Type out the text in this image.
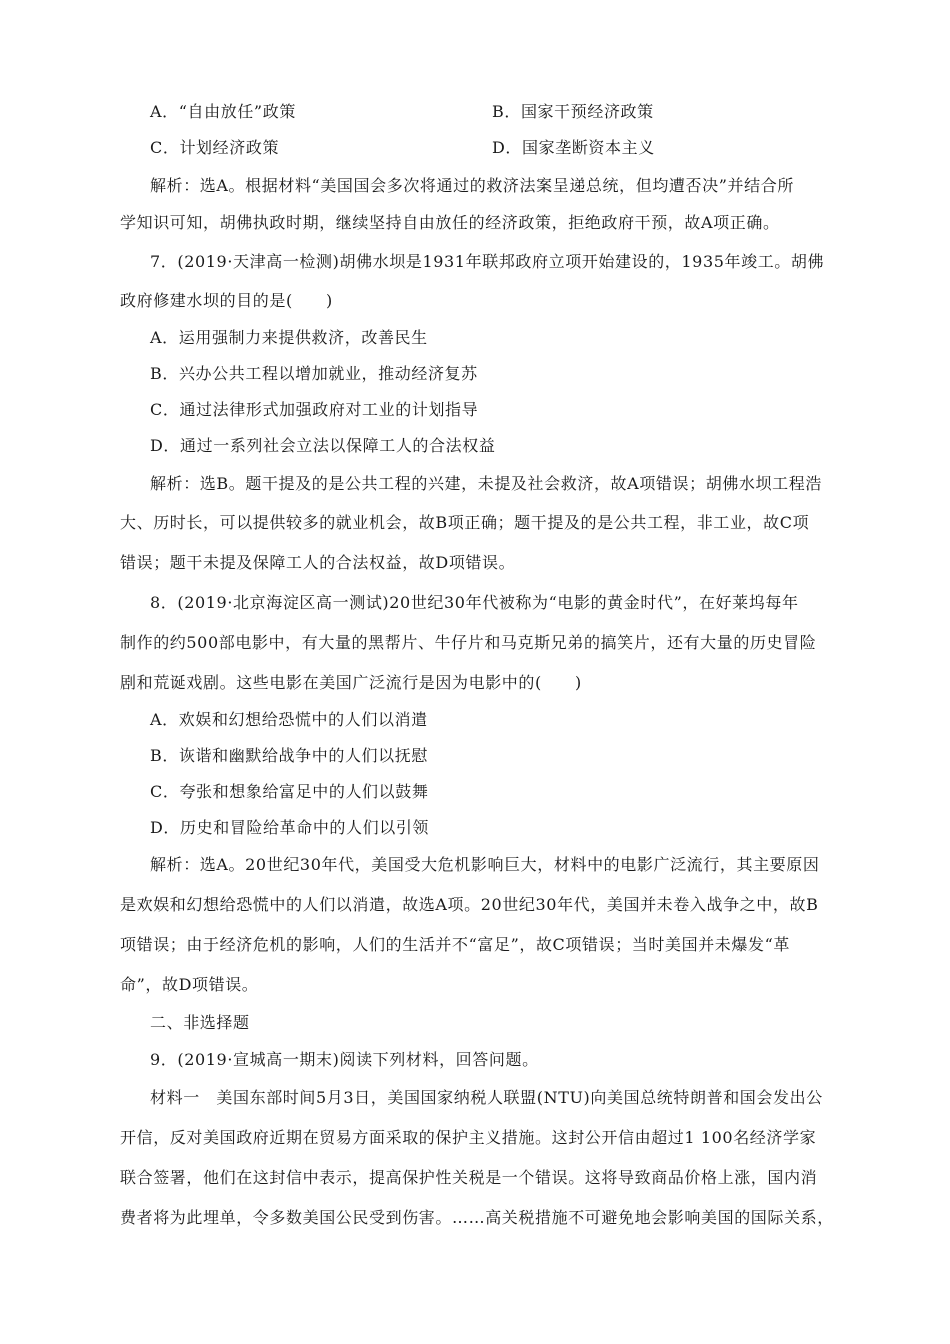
A．“自由放任”政策	B．国家干预经济政策
C．计划经济政策	D．国家垄断资本主义
解析：选A。根据材料“美国国会多次将通过的救济法案呈递总统，但均遭否决”并结合所
学知识可知，胡佛执政时期，继续坚持自由放任的经济政策，拒绝政府干预，故A项正确。
7．(2019·天津高一检测)胡佛水坝是1931年联邦政府立项开始建设的，1935年竣工。胡佛
政府修建水坝的目的是(　　)
A．运用强制力来提供救济，改善民生
B．兴办公共工程以增加就业，推动经济复苏
C．通过法律形式加强政府对工业的计划指导
D．通过一系列社会立法以保障工人的合法权益
解析：选B。题干提及的是公共工程的兴建，未提及社会救济，故A项错误；胡佛水坝工程浩
大、历时长，可以提供较多的就业机会，故B项正确；题干提及的是公共工程，非工业，故C项
错误；题干未提及保障工人的合法权益，故D项错误。
8．(2019·北京海淀区高一测试)20世纪30年代被称为“电影的黄金时代”，在好莱坞每年
制作的约500部电影中，有大量的黑帮片、牛仔片和马克斯兄弟的搞笑片，还有大量的历史冒险
剧和荒诞戏剧。这些电影在美国广泛流行是因为电影中的(　　)
A．欢娱和幻想给恐慌中的人们以消遣
B．诙谐和幽默给战争中的人们以抚慰
C．夸张和想象给富足中的人们以鼓舞
D．历史和冒险给革命中的人们以引领
解析：选A。20世纪30年代，美国受大危机影响巨大，材料中的电影广泛流行，其主要原因
是欢娱和幻想给恐慌中的人们以消遣，故选A项。20世纪30年代，美国并未卷入战争之中，故B
项错误；由于经济危机的影响，人们的生活并不“富足”，故C项错误；当时美国并未爆发“革
命”，故D项错误。
二、非选择题
9．(2019·宣城高一期末)阅读下列材料，回答问题。
材料一　美国东部时间5月3日，美国国家纳税人联盟(NTU)向美国总统特朗普和国会发出公
开信，反对美国政府近期在贸易方面采取的保护主义措施。这封公开信由超过1 100名经济学家
联合签署，他们在这封信中表示，提高保护性关税是一个错误。这将导致商品价格上涨，国内消
费者将为此埋单，令多数美国公民受到伤害。……高关税措施不可避免地会影响美国的国际关系，
